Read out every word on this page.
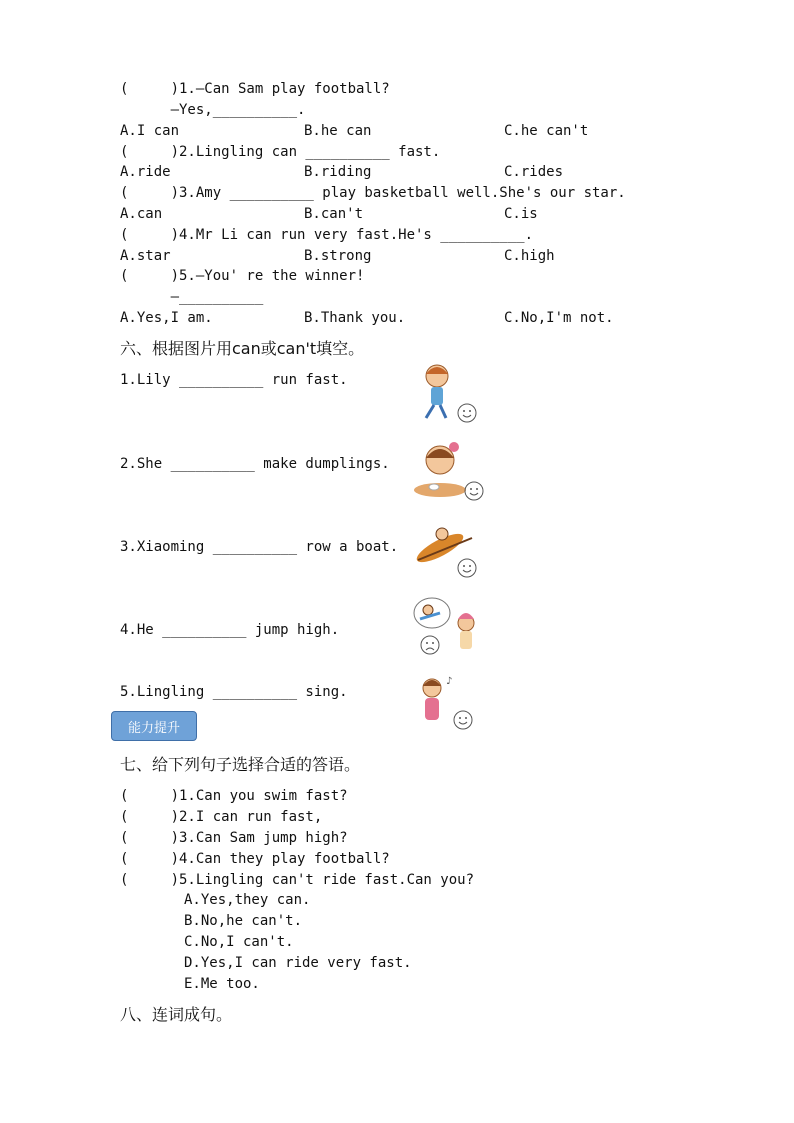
(     )1.—Can Sam play football?
—Yes,__________.
A.I can	B.he can	C.he can't
(     )2.Lingling can __________ fast.
A.ride	B.riding	C.rides
(     )3.Amy __________ play basketball well.She's our star.
A.can	B.can't	C.is
(     )4.Mr Li can run very fast.He's __________.
A.star	B.strong	C.high
(     )5.—You' re the winner!
—__________
A.Yes,I am.	B.Thank you.	C.No,I'm not.
六、根据图片用can或can't填空。
1.Lily __________ run fast.
2.She __________ make dumplings.
3.Xiaoming __________ row a boat.
4.He __________ jump high.
5.Lingling __________ sing.
♪
能力提升
七、给下列句子选择合适的答语。
(     )1.Can you swim fast?
(     )2.I can run fast,
(     )3.Can Sam jump high?
(     )4.Can they play football?
(     )5.Lingling can't ride fast.Can you?
A.Yes,they can.
B.No,he can't.
C.No,I can't.
D.Yes,I can ride very fast.
E.Me too.
八、连词成句。
